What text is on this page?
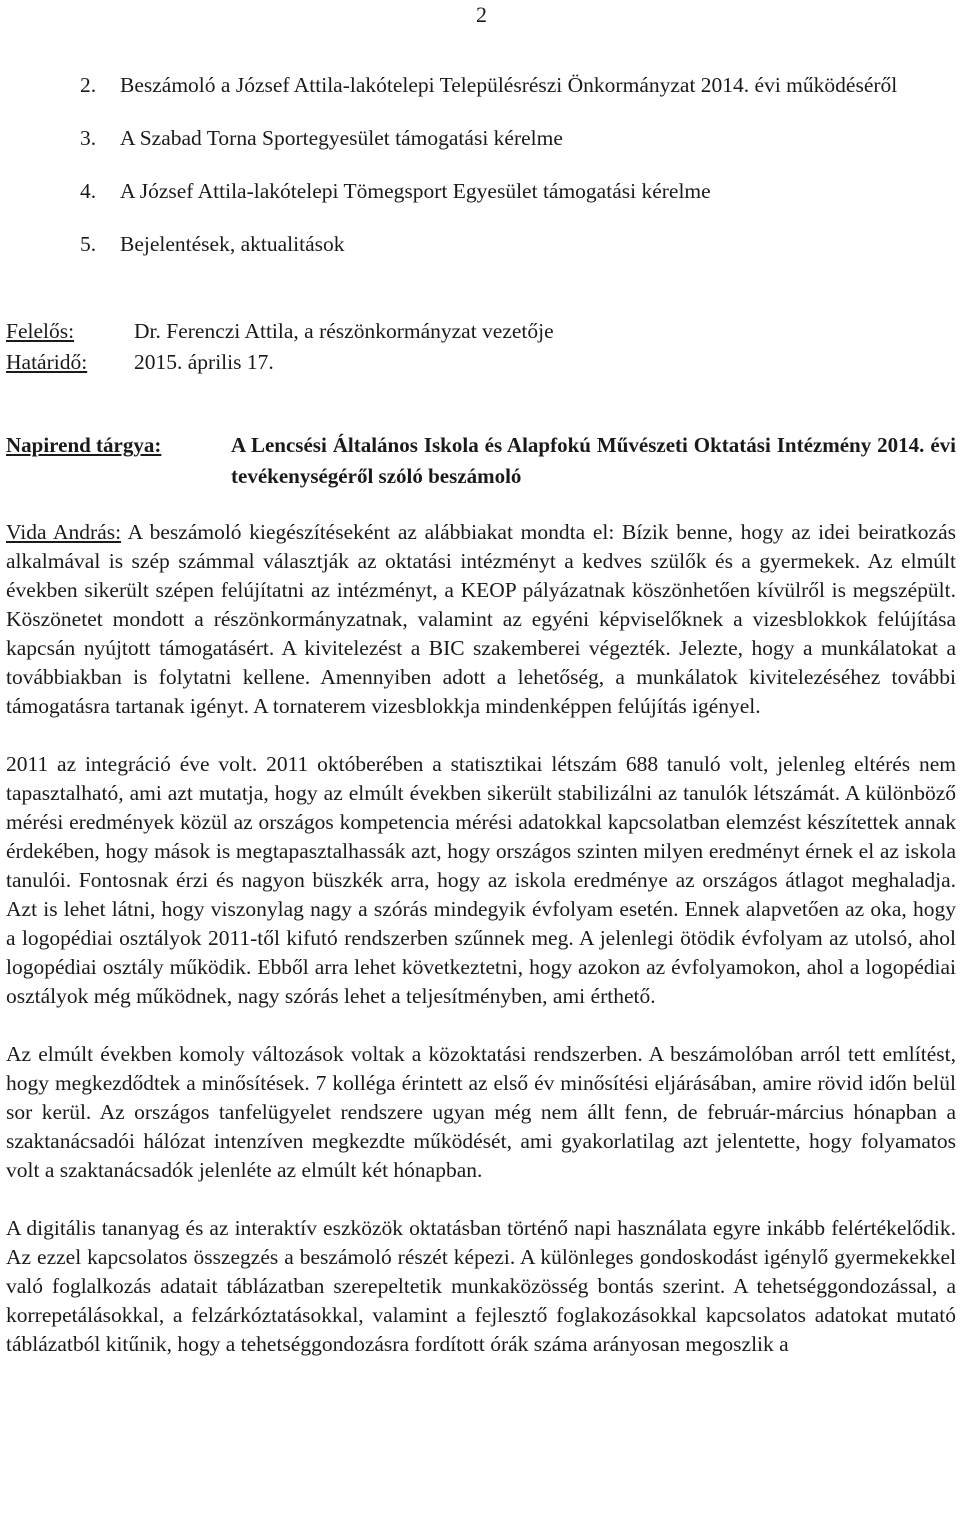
2
2.	Beszámoló a József Attila-lakótelepi Településrészi Önkormányzat 2014. évi működéséről
3.	A Szabad Torna Sportegyesület támogatási kérelme
4.	A József Attila-lakótelepi Tömegsport Egyesület támogatási kérelme
5.	Bejelentések, aktualitások
Felelős:	Dr. Ferenczi Attila, a részönkormányzat vezetője
Határidő:	2015. április 17.
Napirend tárgya:	A Lencsési Általános Iskola és Alapfokú Művészeti Oktatási Intézmény 2014. évi tevékenységéről szóló beszámoló

Vida András: A beszámoló kiegészítéseként az alábbiakat mondta el: Bízik benne, hogy az idei beiratkozás alkalmával is szép számmal választják az oktatási intézményt a kedves szülők és a gyermekek. Az elmúlt években sikerült szépen felújítatni az intézményt, a KEOP pályázatnak köszönhetően kívülről is megszépült. Köszönetet mondott a részönkormányzatnak, valamint az egyéni képviselőknek a vizesblokkok felújítása kapcsán nyújtott támogatásért. A kivitelezést a BIC szakemberei végezték. Jelezte, hogy a munkálatokat a továbbiakban is folytatni kellene. Amennyiben adott a lehetőség, a munkálatok kivitelezéséhez további támogatásra tartanak igényt. A tornaterem vizesblokkja mindenképpen felújítás igényel.

2011 az integráció éve volt. 2011 októberében a statisztikai létszám 688 tanuló volt, jelenleg eltérés nem tapasztalható, ami azt mutatja, hogy az elmúlt években sikerült stabilizálni az tanulók létszámát. A különböző mérési eredmények közül az országos kompetencia mérési adatokkal kapcsolatban elemzést készítettek annak érdekében, hogy mások is megtapasztalhassák azt, hogy országos szinten milyen eredményt érnek el az iskola tanulói. Fontosnak érzi és nagyon büszkék arra, hogy az iskola eredménye az országos átlagot meghaladja. Azt is lehet látni, hogy viszonylag nagy a szórás mindegyik évfolyam esetén. Ennek alapvetően az oka, hogy a logopédiai osztályok 2011-től kifutó rendszerben szűnnek meg. A jelenlegi ötödik évfolyam az utolsó, ahol logopédiai osztály működik. Ebből arra lehet következtetni, hogy azokon az évfolyamokon, ahol a logopédiai osztályok még működnek, nagy szórás lehet a teljesítményben, ami érthető.

Az elmúlt években komoly változások voltak a közoktatási rendszerben. A beszámolóban arról tett említést, hogy megkezdődtek a minősítések. 7 kollégа érintett az első év minősítési eljárásában, amire rövid időn belül sor kerül. Az országos tanfelügyelet rendszere ugyan még nem állt fenn, de február-március hónapban a szaktanácsadói hálózat intenzíven megkezdte működését, ami gyakorlatilag azt jelentette, hogy folyamatos volt a szaktanácsadók jelenléte az elmúlt két hónapban.

A digitális tananyag és az interaktív eszközök oktatásban történő napi használata egyre inkább felértékelődik. Az ezzel kapcsolatos összegzés a beszámoló részét képezi. A különleges gondoskodást igénylő gyermekekkel való foglalkozás adatait táblázatban szerepeltetik munkaközösség bontás szerint. A tehetséggondozással, a korrepetálásokkal, a felzárkóztatásokkal, valamint a fejlesztő foglakozásokkal kapcsolatos adatokat mutató táblázatból kitűnik, hogy a tehetséggondozásra fordított órák száma arányosan megoszlik a
